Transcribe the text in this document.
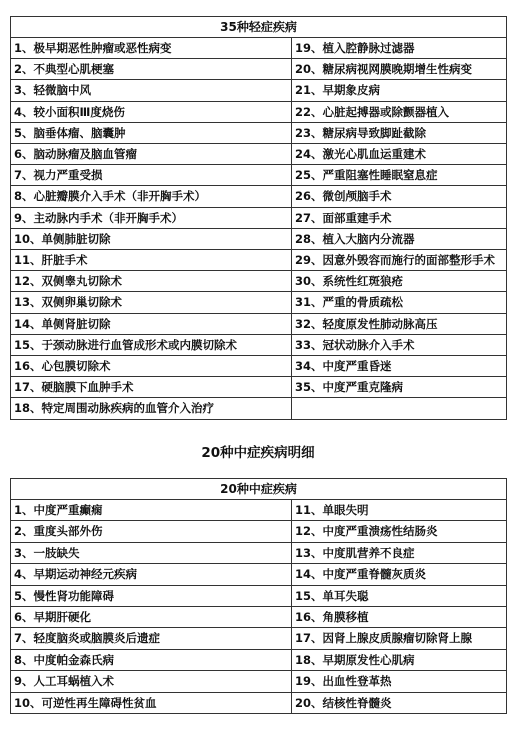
35种轻症疾病	
1、极早期恶性肿瘤或恶性病变	19、植入腔静脉过滤器
2、不典型心肌梗塞	20、糖尿病视网膜晚期增生性病变
3、轻微脑中风	21、早期象皮病
4、较小面积Ⅲ度烧伤	22、心脏起搏器或除颤器植入
5、脑垂体瘤、脑囊肿	23、糖尿病导致脚趾截除
6、脑动脉瘤及脑血管瘤	24、激光心肌血运重建术
7、视力严重受损	25、严重阻塞性睡眠窒息症
8、心脏瓣膜介入手术（非开胸手术）	26、微创颅脑手术
9、主动脉内手术（非开胸手术）	27、面部重建手术
10、单侧肺脏切除	28、植入大脑内分流器
11、肝脏手术	29、因意外毁容而施行的面部整形手术
12、双侧睾丸切除术	30、系统性红斑狼疮
13、双侧卵巢切除术	31、严重的骨质疏松
14、单侧肾脏切除	32、轻度原发性肺动脉高压
15、于颈动脉进行血管成形术或内膜切除术	33、冠状动脉介入手术
16、心包膜切除术	34、中度严重昏迷
17、硬脑膜下血肿手术	35、中度严重克隆病
18、特定周围动脉疾病的血管介入治疗	
20种中症疾病明细
20种中症疾病	
1、中度严重癫痫	11、单眼失明
2、重度头部外伤	12、中度严重溃疡性结肠炎
3、一肢缺失	13、中度肌营养不良症
4、早期运动神经元疾病	14、中度严重脊髓灰质炎
5、慢性肾功能障碍	15、单耳失聪
6、早期肝硬化	16、角膜移植
7、轻度脑炎或脑膜炎后遗症	17、因肾上腺皮质腺瘤切除肾上腺
8、中度帕金森氏病	18、早期原发性心肌病
9、人工耳蜗植入术	19、出血性登革热
10、可逆性再生障碍性贫血	20、结核性脊髓炎
